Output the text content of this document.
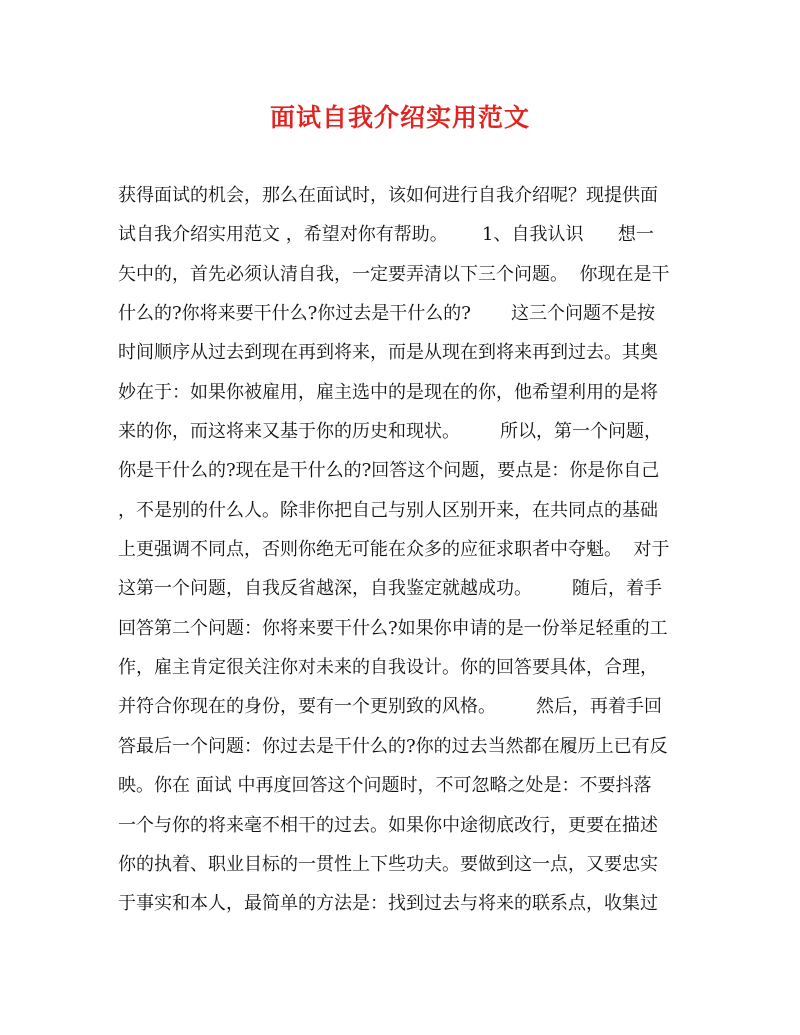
面试自我介绍实用范文
获得面试的机会，那么在面试时，该如何进行自我介绍呢？现提供面
试自我介绍实用范文 ，希望对你有帮助。      1、自我认识      想一
矢中的，首先必须认清自我，一定要弄清以下三个问题。  你现在是干
什么的?你将来要干什么?你过去是干什么的?       这三个问题不是按
时间顺序从过去到现在再到将来，而是从现在到将来再到过去。其奥
妙在于：如果你被雇用，雇主选中的是现在的你，他希望利用的是将
来的你，而这将来又基于你的历史和现状。       所以，第一个问题，
你是干什么的?现在是干什么的?回答这个问题，要点是：你是你自己
，不是别的什么人。除非你把自己与别人区别开来，在共同点的基础
上更强调不同点，否则你绝无可能在众多的应征求职者中夺魁。  对于
这第一个问题，自我反省越深，自我鉴定就越成功。       随后，着手
回答第二个问题：你将来要干什么?如果你申请的是一份举足轻重的工
作，雇主肯定很关注你对未来的自我设计。你的回答要具体，合理，
并符合你现在的身份，要有一个更别致的风格。       然后，再着手回
答最后一个问题：你过去是干什么的?你的过去当然都在履历上已有反
映。你在 面试 中再度回答这个问题时，不可忽略之处是：不要抖落
一个与你的将来毫不相干的过去。如果你中途彻底改行，更要在描述
你的执着、职业目标的一贯性上下些功夫。要做到这一点，又要忠实
于事实和本人，最简单的方法是：找到过去与将来的联系点，收集过
